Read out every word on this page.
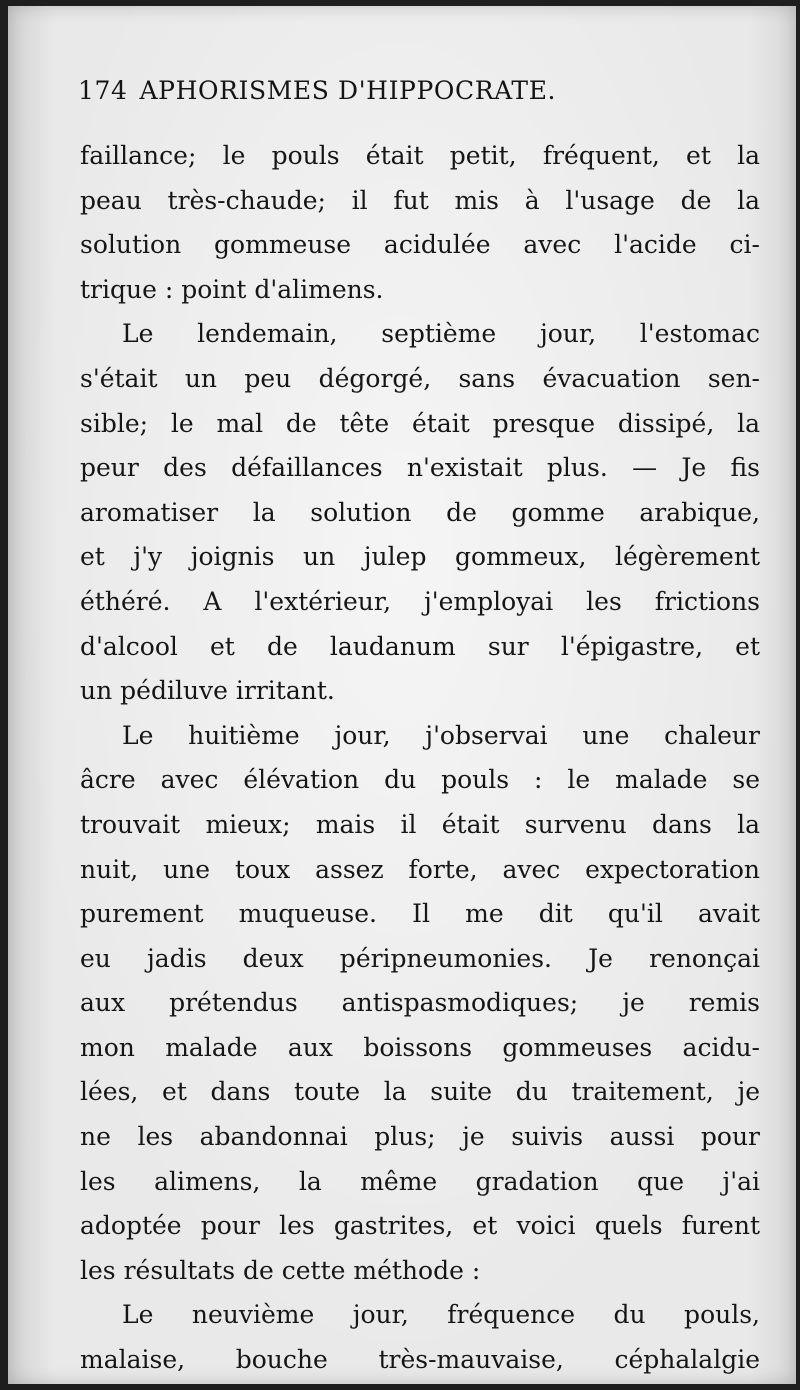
174 APHORISMES D'HIPPOCRATE.
faillance; le pouls était petit, fréquent, et la
peau très-chaude; il fut mis à l'usage de la
solution gommeuse acidulée avec l'acide ci-
trique : point d'alimens.
Le lendemain, septième jour, l'estomac
s'était un peu dégorgé, sans évacuation sen-
sible; le mal de tête était presque dissipé, la
peur des défaillances n'existait plus. — Je fis
aromatiser la solution de gomme arabique,
et j'y joignis un julep gommeux, légèrement
éthéré. A l'extérieur, j'employai les frictions
d'alcool et de laudanum sur l'épigastre, et
un pédiluve irritant.
Le huitième jour, j'observai une chaleur
âcre avec élévation du pouls : le malade se
trouvait mieux; mais il était survenu dans la
nuit, une toux assez forte, avec expectoration
purement muqueuse. Il me dit qu'il avait
eu jadis deux péripneumonies. Je renonçai
aux prétendus antispasmodiques; je remis
mon malade aux boissons gommeuses acidu-
lées, et dans toute la suite du traitement, je
ne les abandonnai plus; je suivis aussi pour
les alimens, la même gradation que j'ai
adoptée pour les gastrites, et voici quels furent
les résultats de cette méthode :
Le neuvième jour, fréquence du pouls,
malaise, bouche très-mauvaise, céphalalgie
